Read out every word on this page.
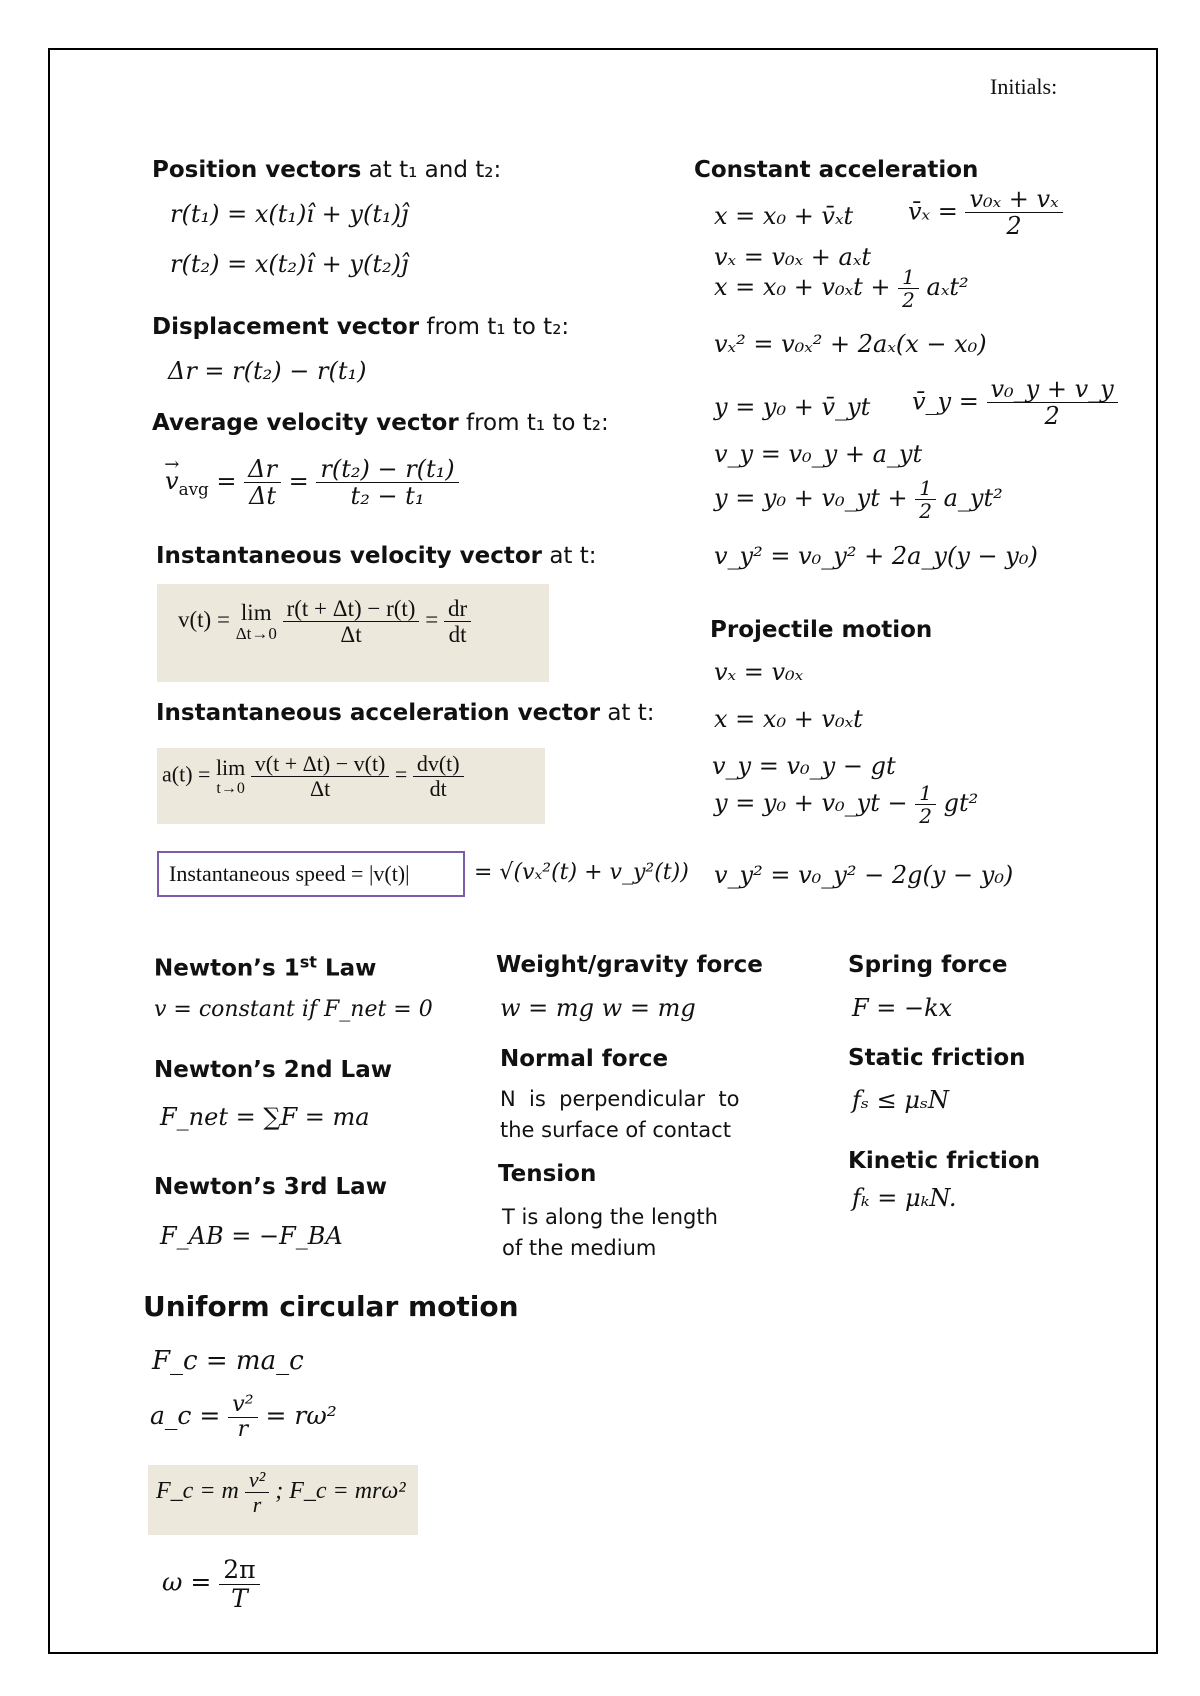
Initials:
Position vectors at t₁ and t₂:
r(t₁) = x(t₁)î + y(t₁)ĵ
r(t₂) = x(t₂)î + y(t₂)ĵ
Displacement vector from t₁ to t₂:
Δr = r(t₂) − r(t₁)
Average velocity vector from t₁ to t₂:
→ $v_{avg} = \frac{\Delta r}{\Delta t} = \frac{\text{r(t₂) − r(t₁)}}{\text{t₂ − t₁}}$
Instantaneous velocity vector at t:
v(t) = lim
Δt→0
$\frac{r(t + \Delta t) - r(t)}{\Delta t} = \frac{dr}{dt}$
Instantaneous acceleration vector at t:
a(t) = lim
t→0
$\frac{v(t + \Delta t) - v(t)}{\Delta t} = \frac{dv(t)}{dt}$
Instantaneous speed = |v(t)|	= √(vₓ²(t) + v_y²(t))
Constant acceleration
x = x₀ + v̄ₓt v̄ₓ = $\frac{\text{v₀ₓ + vₓ}}{2}$
vₓ = v₀ₓ + aₓt
$x = x_0 + v_{0x}t + \frac{1}{2} a_xt^2$
vₓ² = v₀ₓ² + 2aₓ(x − x₀)
y = y₀ + v̄_yt v̄_y = $\frac{\text{v₀\_y + v\_y}}{2}$
v_y = v₀_y + a_yt
y = y₀ + v₀_yt + $\frac{1}{2}$ a_yt²
v_y² = v₀_y² + 2a_y(y − y₀)
Projectile motion
vₓ = v₀ₓ
x = x₀ + v₀ₓt
v_y = v₀_y − gt
y = y₀ + v₀_yt − $\frac{1}{2} gt^2$
v_y² = v₀_y² − 2g(y − y₀)
Newton’s 1st Law
v = constant if F_net = 0
Newton’s 2nd Law
F_net = ∑F = ma
Newton’s 3rd Law
F_AB = −F_BA
Weight/gravity force
w = mg w = mg
Normal force
N  is  perpendicular  to
the surface of contact
Tension
T is along the length
of the medium
Spring force
F = −kx
Static friction
fₛ ≤ μₛN
Kinetic friction
fₖ = μₖN.
Uniform circular motion
F_c = ma_c
a_c = $\frac{\text{v²}}{r} = r\omega^2$
F_c = m $\frac{\text{v²}}{r}$ ; F_c = mrω²
$\omega = \frac{2\pi}{T}$
